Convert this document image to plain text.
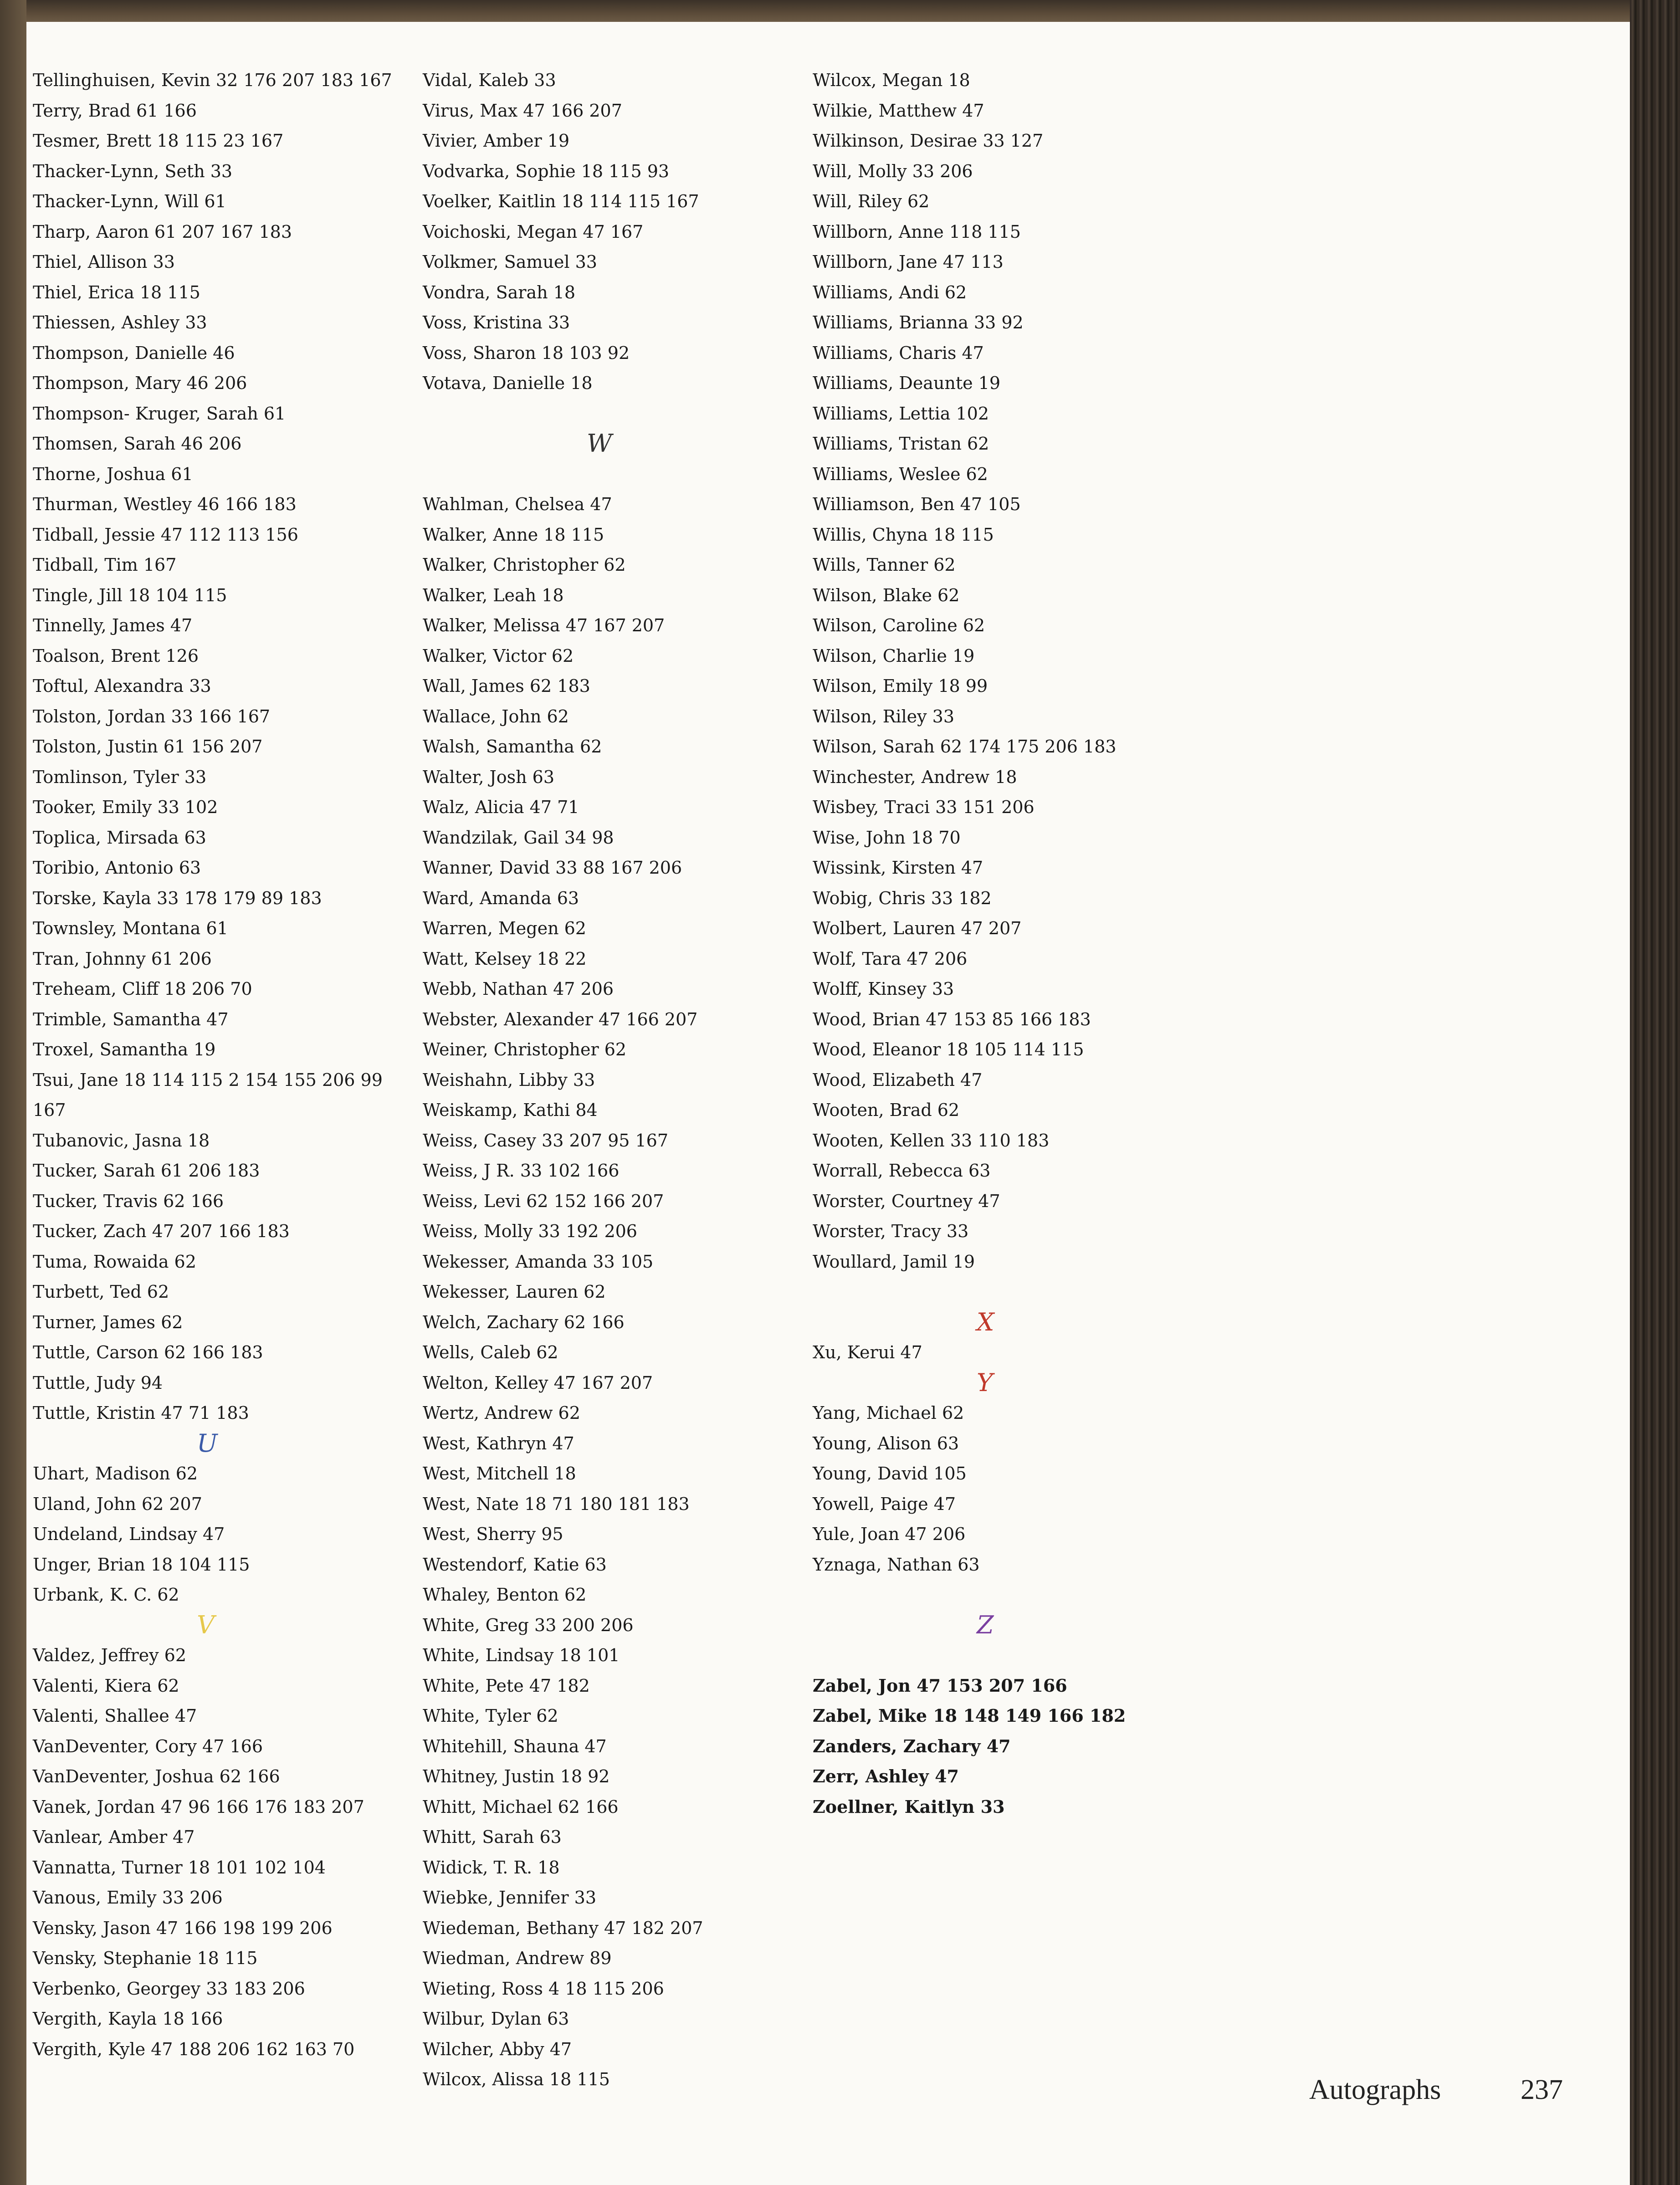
Tellinghuisen, Kevin 32 176 207 183 167
Terry, Brad 61 166
Tesmer, Brett 18 115 23 167
Thacker-Lynn, Seth 33
Thacker-Lynn, Will 61
Tharp, Aaron 61 207 167 183
Thiel, Allison 33
Thiel, Erica 18 115
Thiessen, Ashley 33
Thompson, Danielle 46
Thompson, Mary 46 206
Thompson- Kruger, Sarah 61
Thomsen, Sarah 46 206
Thorne, Joshua 61
Thurman, Westley 46 166 183
Tidball, Jessie 47 112 113 156
Tidball, Tim 167
Tingle, Jill 18 104 115
Tinnelly, James 47
Toalson, Brent 126
Toftul, Alexandra 33
Tolston, Jordan 33 166 167
Tolston, Justin 61 156 207
Tomlinson, Tyler 33
Tooker, Emily 33 102
Toplica, Mirsada 63
Toribio, Antonio 63
Torske, Kayla 33 178 179 89 183
Townsley, Montana 61
Tran, Johnny 61 206
Treheam, Cliff 18 206 70
Trimble, Samantha 47
Troxel, Samantha 19
Tsui, Jane 18 114 115 2 154 155 206 99
167
Tubanovic, Jasna 18
Tucker, Sarah 61 206 183
Tucker, Travis 62 166
Tucker, Zach 47 207 166 183
Tuma, Rowaida 62
Turbett, Ted 62
Turner, James 62
Tuttle, Carson 62 166 183
Tuttle, Judy 94
Tuttle, Kristin 47 71 183
U
Uhart, Madison 62
Uland, John 62 207
Undeland, Lindsay 47
Unger, Brian 18 104 115
Urbank, K. C. 62
V
Valdez, Jeffrey 62
Valenti, Kiera 62
Valenti, Shallee 47
VanDeventer, Cory 47 166
VanDeventer, Joshua 62 166
Vanek, Jordan 47 96 166 176 183 207
Vanlear, Amber 47
Vannatta, Turner 18 101 102 104
Vanous, Emily 33 206
Vensky, Jason 47 166 198 199 206
Vensky, Stephanie 18 115
Verbenko, Georgey 33 183 206
Vergith, Kayla 18 166
Vergith, Kyle 47 188 206 162 163 70
Vidal, Kaleb 33
Virus, Max 47 166 207
Vivier, Amber 19
Vodvarka, Sophie 18 115 93
Voelker, Kaitlin 18 114 115 167
Voichoski, Megan 47 167
Volkmer, Samuel 33
Vondra, Sarah 18
Voss, Kristina 33
Voss, Sharon 18 103 92
Votava, Danielle 18
W
Wahlman, Chelsea 47
Walker, Anne 18 115
Walker, Christopher 62
Walker, Leah 18
Walker, Melissa 47 167 207
Walker, Victor 62
Wall, James 62 183
Wallace, John 62
Walsh, Samantha 62
Walter, Josh 63
Walz, Alicia 47 71
Wandzilak, Gail 34 98
Wanner, David 33 88 167 206
Ward, Amanda 63
Warren, Megen 62
Watt, Kelsey 18 22
Webb, Nathan 47 206
Webster, Alexander 47 166 207
Weiner, Christopher 62
Weishahn, Libby 33
Weiskamp, Kathi 84
Weiss, Casey 33 207 95 167
Weiss, J R. 33 102 166
Weiss, Levi 62 152 166 207
Weiss, Molly 33 192 206
Wekesser, Amanda 33 105
Wekesser, Lauren 62
Welch, Zachary 62 166
Wells, Caleb 62
Welton, Kelley 47 167 207
Wertz, Andrew 62
West, Kathryn 47
West, Mitchell 18
West, Nate 18 71 180 181 183
West, Sherry 95
Westendorf, Katie 63
Whaley, Benton 62
White, Greg 33 200 206
White, Lindsay 18 101
White, Pete 47 182
White, Tyler 62
Whitehill, Shauna 47
Whitney, Justin 18 92
Whitt, Michael 62 166
Whitt, Sarah 63
Widick, T. R. 18
Wiebke, Jennifer 33
Wiedeman, Bethany 47 182 207
Wiedman, Andrew 89
Wieting, Ross 4 18 115 206
Wilbur, Dylan 63
Wilcher, Abby 47
Wilcox, Alissa 18 115
Wilcox, Megan 18
Wilkie, Matthew 47
Wilkinson, Desirae 33 127
Will, Molly 33 206
Will, Riley 62
Willborn, Anne 118 115
Willborn, Jane 47 113
Williams, Andi 62
Williams, Brianna 33 92
Williams, Charis 47
Williams, Deaunte 19
Williams, Lettia 102
Williams, Tristan 62
Williams, Weslee 62
Williamson, Ben 47 105
Willis, Chyna 18 115
Wills, Tanner 62
Wilson, Blake 62
Wilson, Caroline 62
Wilson, Charlie 19
Wilson, Emily 18 99
Wilson, Riley 33
Wilson, Sarah 62 174 175 206 183
Winchester, Andrew 18
Wisbey, Traci 33 151 206
Wise, John 18 70
Wissink, Kirsten 47
Wobig, Chris 33 182
Wolbert, Lauren 47 207
Wolf, Tara 47 206
Wolff, Kinsey 33
Wood, Brian 47 153 85 166 183
Wood, Eleanor 18 105 114 115
Wood, Elizabeth 47
Wooten, Brad 62
Wooten, Kellen 33 110 183
Worrall, Rebecca 63
Worster, Courtney 47
Worster, Tracy 33
Woullard, Jamil 19
X
Xu, Kerui 47
Y
Yang, Michael 62
Young, Alison 63
Young, David 105
Yowell, Paige 47
Yule, Joan 47 206
Yznaga, Nathan 63
Z
Zabel, Jon 47 153 207 166
Zabel, Mike 18 148 149 166 182
Zanders, Zachary 47
Zerr, Ashley 47
Zoellner, Kaitlyn 33
Autographs	237
